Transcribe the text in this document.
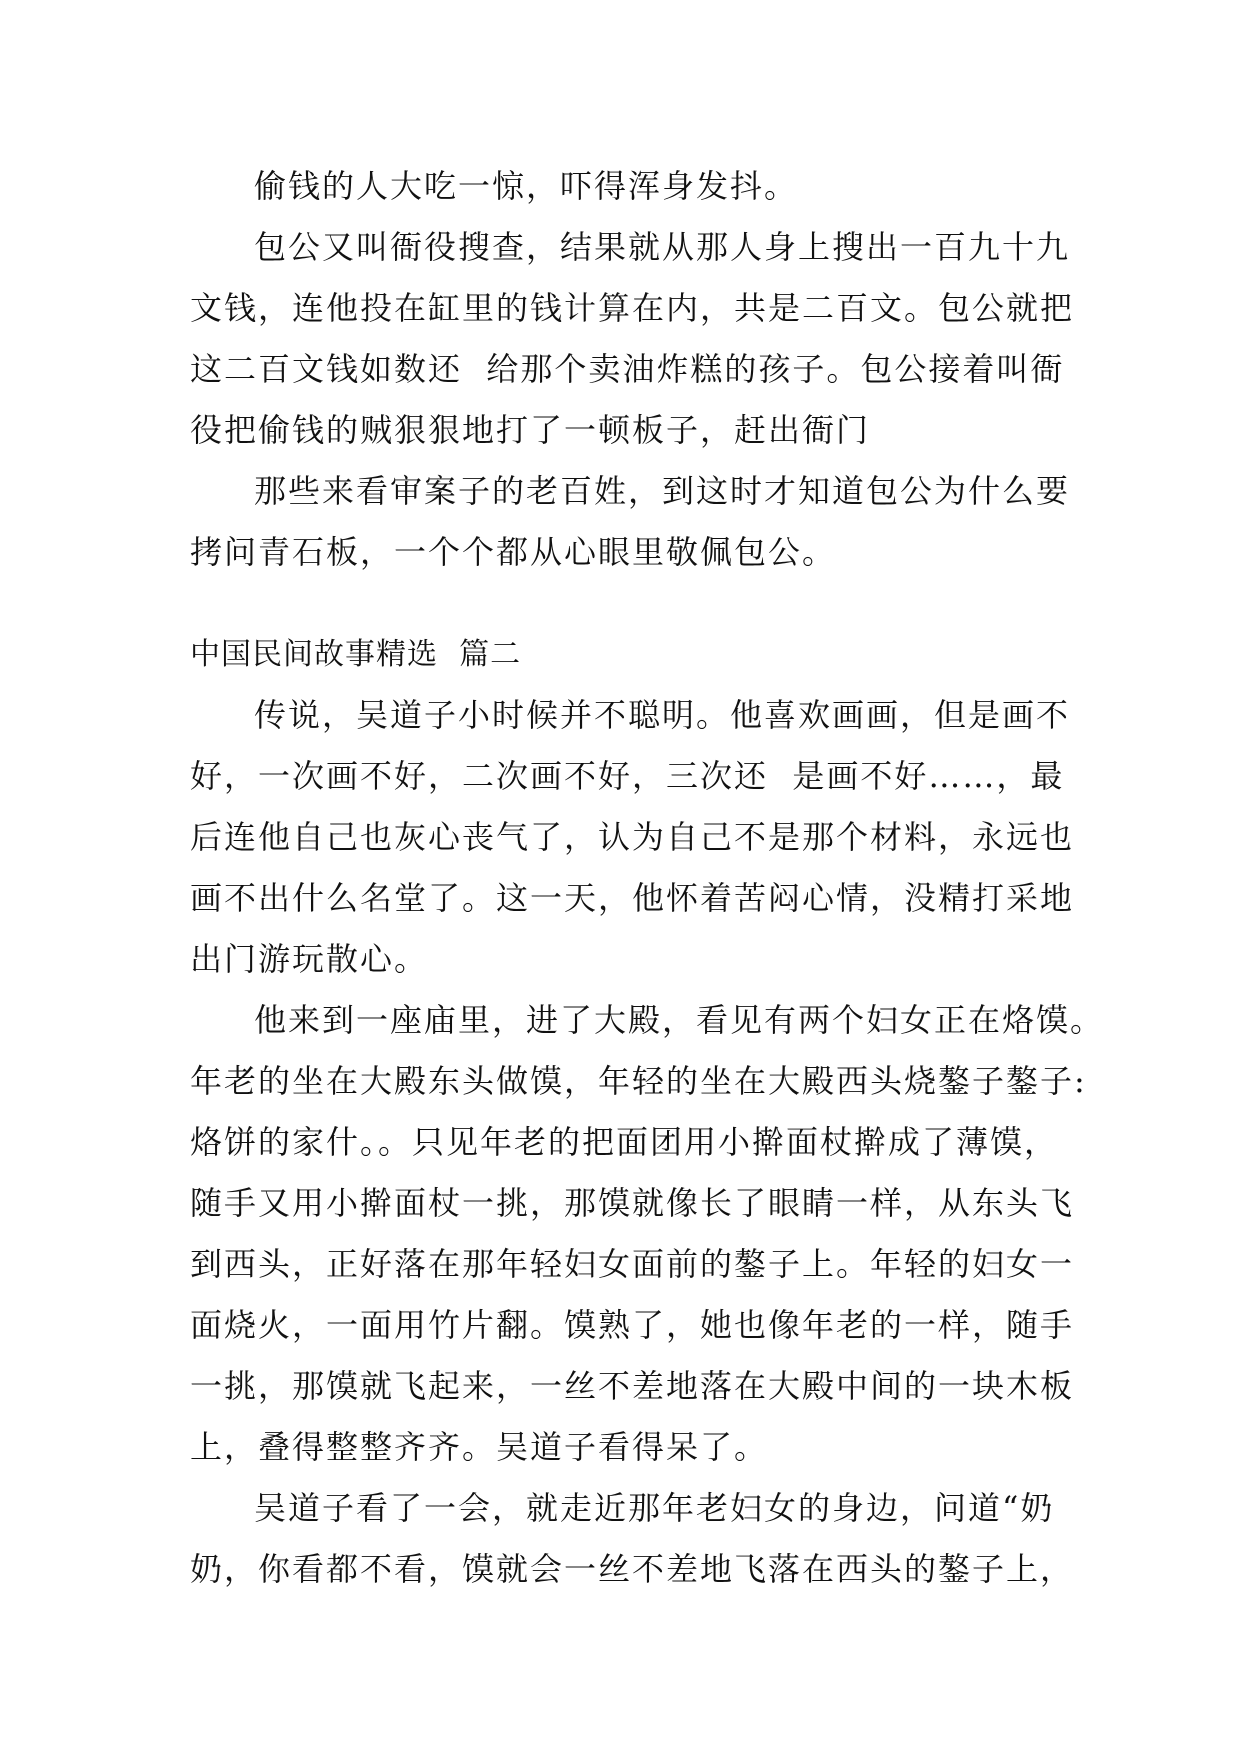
偷钱的人大吃一惊，吓得浑身发抖。
包公又叫衙役搜查，结果就从那人身上搜出一百九十九
文钱，连他投在缸里的钱计算在内，共是二百文。包公就把
这二百文钱如数还  给那个卖油炸糕的孩子。包公接着叫衙
役把偷钱的贼狠狠地打了一顿板子，赶出衙门
那些来看审案子的老百姓，到这时才知道包公为什么要
拷问青石板，一个个都从心眼里敬佩包公。
中国民间故事精选  篇二
传说，吴道子小时候并不聪明。他喜欢画画，但是画不
好，一次画不好，二次画不好，三次还  是画不好……，最
后连他自己也灰心丧气了，认为自己不是那个材料，永远也
画不出什么名堂了。这一天，他怀着苦闷心情，没精打采地
出门游玩散心。
他来到一座庙里，进了大殿，看见有两个妇女正在烙馍。
年老的坐在大殿东头做馍，年轻的坐在大殿西头烧鏊子鏊子:
烙饼的家什。。只见年老的把面团用小擀面杖擀成了薄馍，
随手又用小擀面杖一挑，那馍就像长了眼睛一样，从东头飞
到西头，正好落在那年轻妇女面前的鏊子上。年轻的妇女一
面烧火，一面用竹片翻。馍熟了，她也像年老的一样，随手
一挑，那馍就飞起来，一丝不差地落在大殿中间的一块木板
上，叠得整整齐齐。吴道子看得呆了。
吴道子看了一会，就走近那年老妇女的身边，问道“奶
奶，你看都不看，馍就会一丝不差地飞落在西头的鏊子上，
